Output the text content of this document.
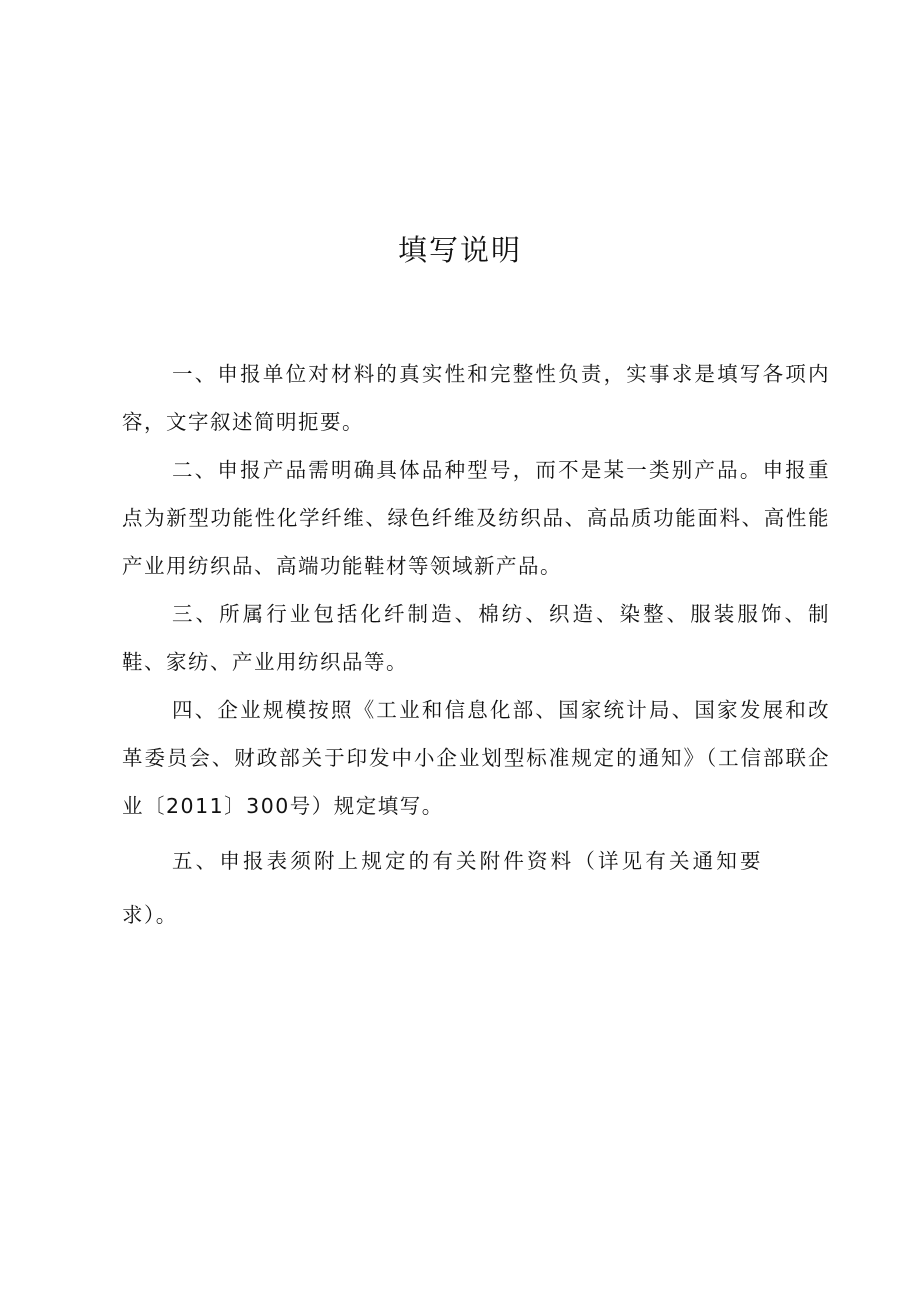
填写说明
一、申报单位对材料的真实性和完整性负责，实事求是填写各项内容，文字叙述简明扼要。
二、申报产品需明确具体品种型号，而不是某一类别产品。申报重点为新型功能性化学纤维、绿色纤维及纺织品、高品质功能面料、高性能产业用纺织品、高端功能鞋材等领域新产品。
三、所属行业包括化纤制造、棉纺、织造、染整、服装服饰、制鞋、家纺、产业用纺织品等。
四、企业规模按照《工业和信息化部、国家统计局、国家发展和改革委员会、财政部关于印发中小企业划型标准规定的通知》（工信部联企业〔2011〕300号）规定填写。
五、申报表须附上规定的有关附件资料（详见有关通知要求）。
